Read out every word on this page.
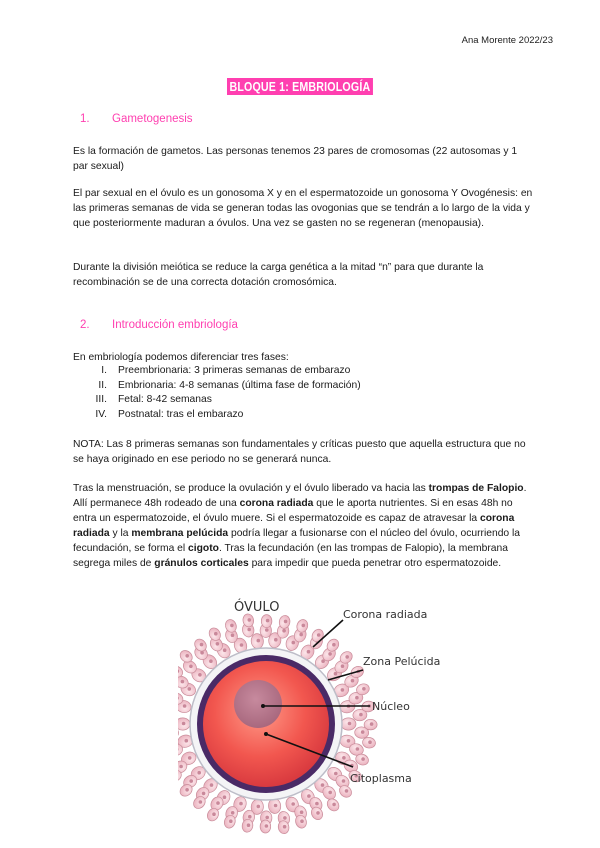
Ana Morente 2022/23
BLOQUE 1: EMBRIOLOGÍA
1. Gametogenesis

Es la formación de gametos. Las personas tenemos 23 pares de cromosomas (22 autosomas y 1 par sexual)

El par sexual en el óvulo es un gonosoma X y en el espermatozoide un gonosoma Y Ovogénesis: en las primeras semanas de vida se generan todas las ovogonias que se tendrán a lo largo de la vida y que posteriormente maduran a óvulos. Una vez se gasten no se regeneran (menopausia).

Durante la división meiótica se reduce la carga genética a la mitad “n” para que durante la recombinación se de una correcta dotación cromosómica.

2. Introducción embriología

En embriología podemos diferenciar tres fases:

I.	Preembrionaria: 3 primeras semanas de embarazo
II.	Embrionaria: 4-8 semanas (última fase de formación)
III.	Fetal: 8-42 semanas
IV.	Postnatal: tras el embarazo

NOTA: Las 8 primeras semanas son fundamentales y críticas puesto que aquella estructura que no se haya originado en ese periodo no se generará nunca.

Tras la menstruación, se produce la ovulación y el óvulo liberado va hacia las trompas de Falopio. Allí permanece 48h rodeado de una corona radiada que le aporta nutrientes. Si en esas 48h no entra un espermatozoide, el óvulo muere. Si el espermatozoide es capaz de atravesar la corona radiada y la membrana pelúcida podría llegar a fusionarse con el núcleo del óvulo, ocurriendo la fecundación, se forma el cigoto. Tras la fecundación (en las trompas de Falopio), la membrana segrega miles de gránulos corticales para impedir que pueda penetrar otro espermatozoide.

ÓVULO	Corona radiada
Zona Pelúcida
Núcleo
Citoplasma
